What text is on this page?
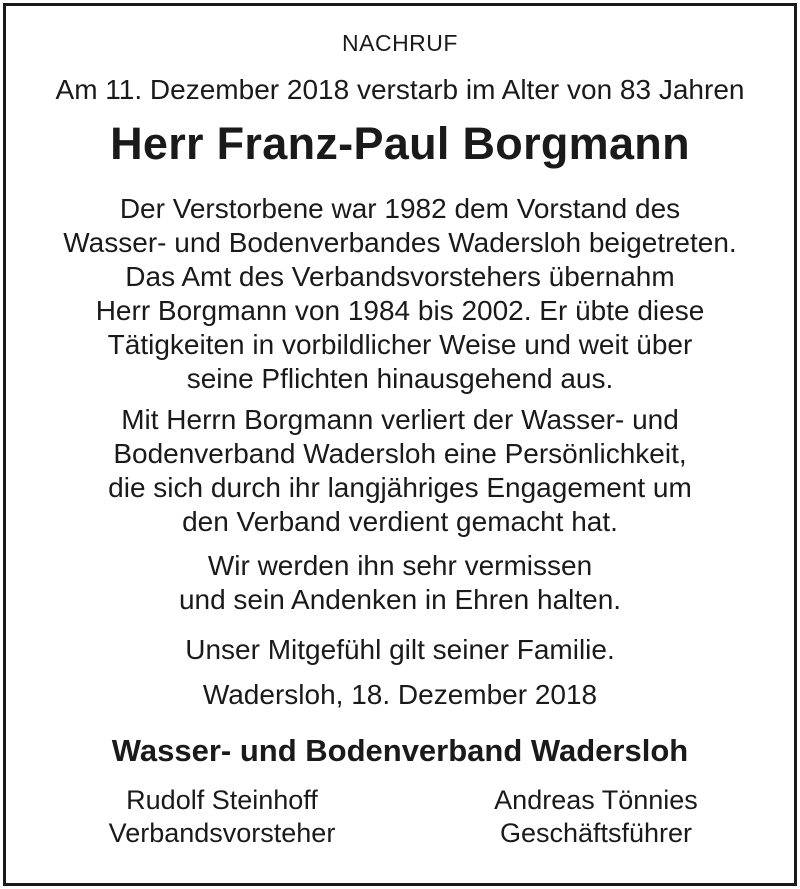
NACHRUF
Am 11. Dezember 2018 verstarb im Alter von 83 Jahren
Herr Franz-Paul Borgmann
Der Verstorbene war 1982 dem Vorstand des
Wasser- und Bodenverbandes Wadersloh beigetreten.
Das Amt des Verbandsvorstehers übernahm
Herr Borgmann von 1984 bis 2002. Er übte diese
Tätigkeiten in vorbildlicher Weise und weit über
seine Pflichten hinausgehend aus.
Mit Herrn Borgmann verliert der Wasser- und
Bodenverband Wadersloh eine Persönlichkeit,
die sich durch ihr langjähriges Engagement um
den Verband verdient gemacht hat.
Wir werden ihn sehr vermissen
und sein Andenken in Ehren halten.
Unser Mitgefühl gilt seiner Familie.
Wadersloh, 18. Dezember 2018
Wasser- und Bodenverband Wadersloh
Rudolf Steinhoff
Verbandsvorsteher
Andreas Tönnies
Geschäftsführer
